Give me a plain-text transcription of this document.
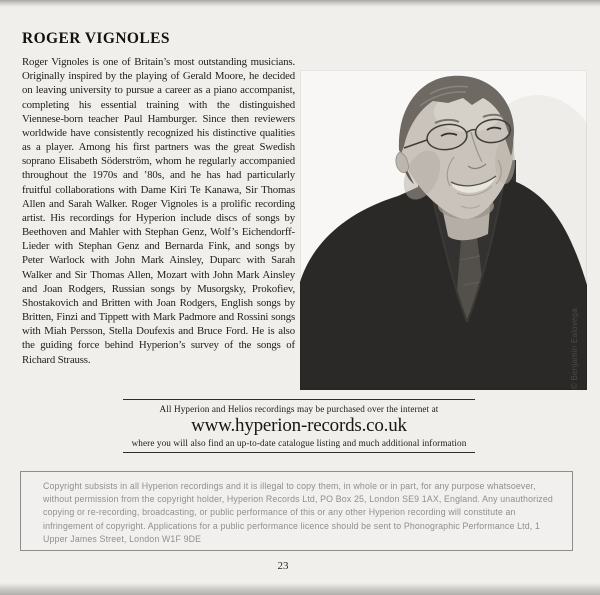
ROGER VIGNOLES

Roger Vignoles is one of Britain’s most outstanding musicians. Originally inspired by the playing of Gerald Moore, he decided on leaving university to pursue a career as a piano accompanist, completing his essential training with the distinguished Viennese-born teacher Paul Hamburger. Since then reviewers worldwide have consistently recognized his distinctive qualities as a player. Among his first partners was the great Swedish soprano Elisabeth Söderström, whom he regularly accompanied throughout the 1970s and ’80s, and he has had particularly fruitful collaborations with Dame Kiri Te Kanawa, Sir Thomas Allen and Sarah Walker. Roger Vignoles is a prolific recording artist. His recordings for Hyperion include discs of songs by Beethoven and Mahler with Stephan Genz, Wolf’s Eichendorff-Lieder with Stephan Genz and Bernarda Fink, and songs by Peter Warlock with John Mark Ainsley, Duparc with Sarah Walker and Sir Thomas Allen, Mozart with John Mark Ainsley and Joan Rodgers, Russian songs by Musorgsky, Prokofiev, Shostakovich and Britten with Joan Rodgers, English songs by Britten, Finzi and Tippett with Mark Padmore and Rossini songs with Miah Persson, Stella Doufexis and Bruce Ford. He is also the guiding force behind Hyperion’s survey of the songs of Richard Strauss.	© Benjamin Ealovega
All Hyperion and Helios recordings may be purchased over the internet at
www.hyperion-records.co.uk
where you will also find an up-to-date catalogue listing and much additional information

Copyright subsists in all Hyperion recordings and it is illegal to copy them, in whole or in part, for any purpose whatsoever, without permission from the copyright holder, Hyperion Records Ltd, PO Box 25, London SE9 1AX, England. Any unauthorized copying or re-recording, broadcasting, or public performance of this or any other Hyperion recording will constitute an infringement of copyright. Applications for a public performance licence should be sent to Phonographic Performance Ltd, 1 Upper James Street, London W1F 9DE

23
